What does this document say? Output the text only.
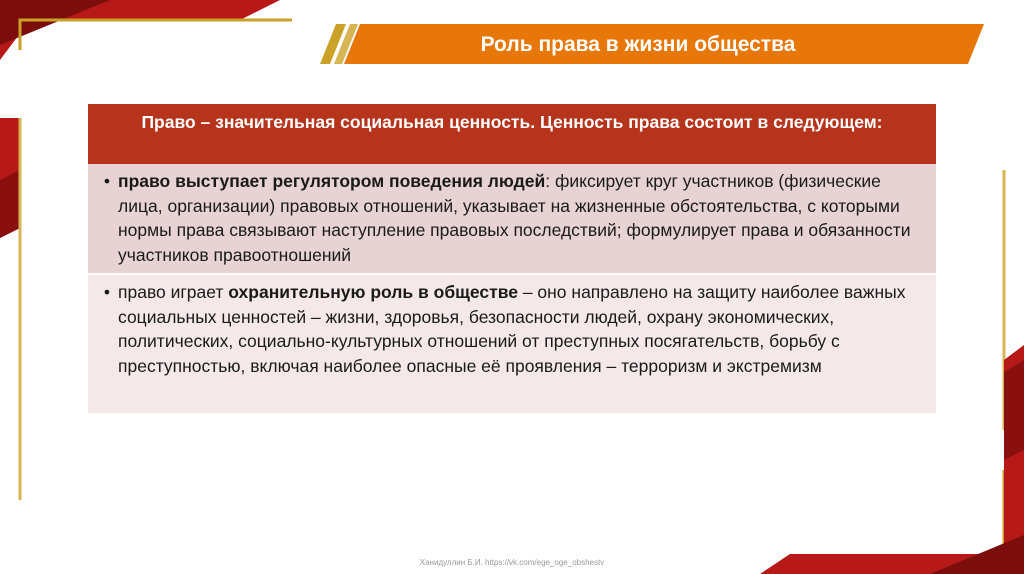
Роль права в жизни общества
Право – значительная социальная ценность. Ценность права состоит в следующем:
• право выступает регулятором поведения людей: фиксирует круг участников (физические лица, организации) правовых отношений, указывает на жизненные обстоятельства, с которыми нормы права связывают наступление правовых последствий; формулирует права и обязанности участников правоотношений
• право играет охранительную роль в обществе – оно направлено на защиту наиболее важных социальных ценностей – жизни, здоровья, безопасности людей, охрану экономических, политических, социально-культурных отношений от преступных посягательств, борьбу с преступностью, включая наиболее опасные её проявления – терроризм и экстремизм
Ханидуллин Б.И. https://vk.com/ege_oge_obshestv
